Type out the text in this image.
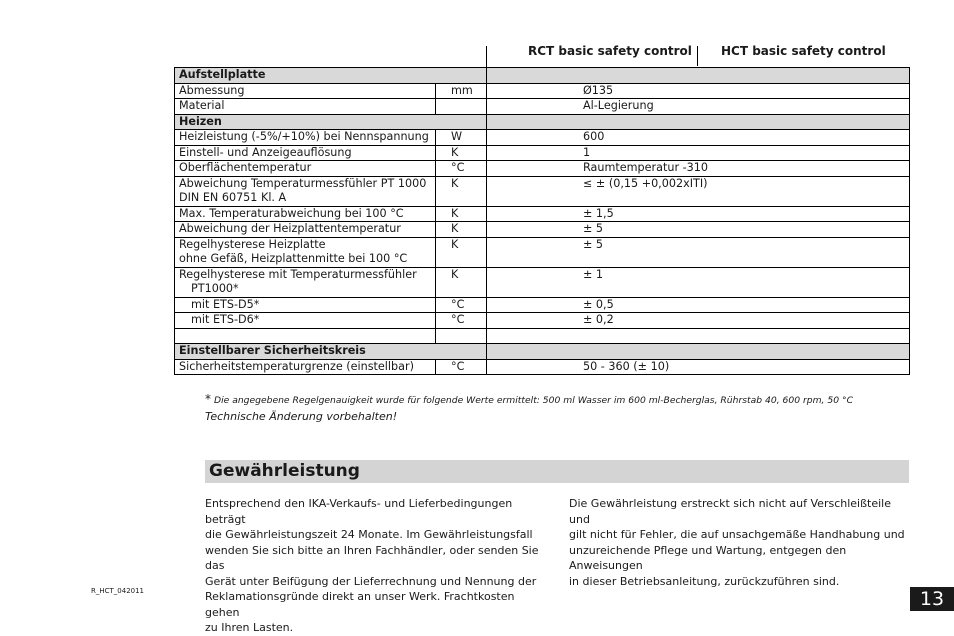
RCT basic safety control HCT basic safety control
Aufstellplatte		
Abmessung	mm	Ø135
Material		Al-Legierung
Heizen		
Heizleistung (-5%/+10%) bei Nennspannung	W	600
Einstell- und Anzeigeauflösung	K	1
Oberflächentemperatur	°C	Raumtemperatur -310
Abweichung Temperaturmessfühler PT 1000
DIN EN 60751 Kl. A	K	≤ ± (0,15 +0,002xITI)
Max. Temperaturabweichung bei 100 °C	K	± 1,5
Abweichung der Heizplattentemperatur	K	± 5
Regelhysterese Heizplatte
ohne Gefäß, Heizplattenmitte bei 100 °C	K	± 5
Regelhysterese mit Temperaturmessfühler
PT1000*	K	± 1
mit ETS-D5*	°C	± 0,5
mit ETS-D6*	°C	± 0,2

Einstellbarer Sicherheitskreis		
Sicherheitstemperaturgrenze (einstellbar)	°C	50 - 360 (± 10)
* Die angegebene Regelgenauigkeit wurde für folgende Werte ermittelt: 500 ml Wasser im 600 ml-Becherglas, Rührstab 40, 600 rpm, 50 °C
Technische Änderung vorbehalten!
Gewährleistung
Entsprechend den IKA-Verkaufs- und Lieferbedingungen beträgt
die Gewährleistungszeit 24 Monate. Im Gewährleistungsfall
wenden Sie sich bitte an Ihren Fachhändler, oder senden Sie das
Gerät unter Beifügung der Lieferrechnung und Nennung der
Reklamationsgründe direkt an unser Werk. Frachtkosten gehen
zu Ihren Lasten.
Die Gewährleistung erstreckt sich nicht auf Verschleißteile und
gilt nicht für Fehler, die auf unsachgemäße Handhabung und
unzureichende Pflege und Wartung, entgegen den Anweisungen
in dieser Betriebsanleitung, zurückzuführen sind.
R_HCT_042011	13
